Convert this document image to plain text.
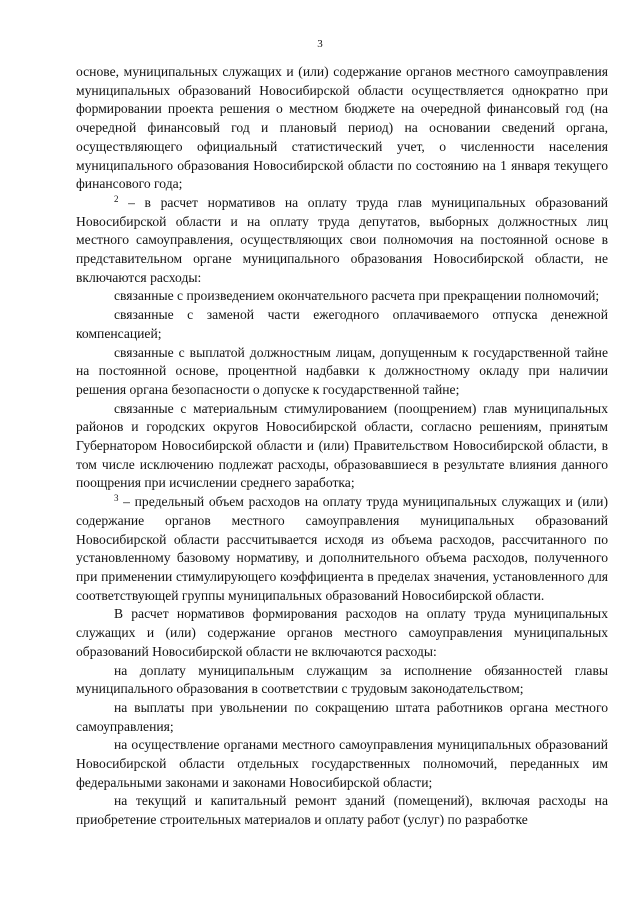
3

основе, муниципальных служащих и (или) содержание органов местного самоуправления муниципальных образований Новосибирской области осуществляется однократно при формировании проекта решения о местном бюджете на очередной финансовый год (на очередной финансовый год и плановый период) на основании сведений органа, осуществляющего официальный статистический учет, о численности населения муниципального образования Новосибирской области по состоянию на 1 января текущего финансового года;

$^2$ – в расчет нормативов на оплату труда глав муниципальных образований Новосибирской области и на оплату труда депутатов, выборных должностных лиц местного самоуправления, осуществляющих свои полномочия на постоянной основе в представительном органе муниципального образования Новосибирской области, не включаются расходы:

связанные с произведением окончательного расчета при прекращении полномочий;

связанные с заменой части ежегодного оплачиваемого отпуска денежной компенсацией;

связанные с выплатой должностным лицам, допущенным к государственной тайне на постоянной основе, процентной надбавки к должностному окладу при наличии решения органа безопасности о допуске к государственной тайне;

связанные с материальным стимулированием (поощрением) глав муниципальных районов и городских округов Новосибирской области, согласно решениям, принятым Губернатором Новосибирской области и (или) Правительством Новосибирской области, в том числе исключению подлежат расходы, образовавшиеся в результате влияния данного поощрения при исчислении среднего заработка;

$^3$ – предельный объем расходов на оплату труда муниципальных служащих и (или) содержание органов местного самоуправления муниципальных образований Новосибирской области рассчитывается исходя из объема расходов, рассчитанного по установленному базовому нормативу, и дополнительного объема расходов, полученного при применении стимулирующего коэффициента в пределах значения, установленного для соответствующей группы муниципальных образований Новосибирской области.

В расчет нормативов формирования расходов на оплату труда муниципальных служащих и (или) содержание органов местного самоуправления муниципальных образований Новосибирской области не включаются расходы:

на доплату муниципальным служащим за исполнение обязанностей главы муниципального образования в соответствии с трудовым законодательством;

на выплаты при увольнении по сокращению штата работников органа местного самоуправления;

на осуществление органами местного самоуправления муниципальных образований Новосибирской области отдельных государственных полномочий, переданных им федеральными законами и законами Новосибирской области;

на текущий и капитальный ремонт зданий (помещений), включая расходы на приобретение строительных материалов и оплату работ (услуг) по разработке
